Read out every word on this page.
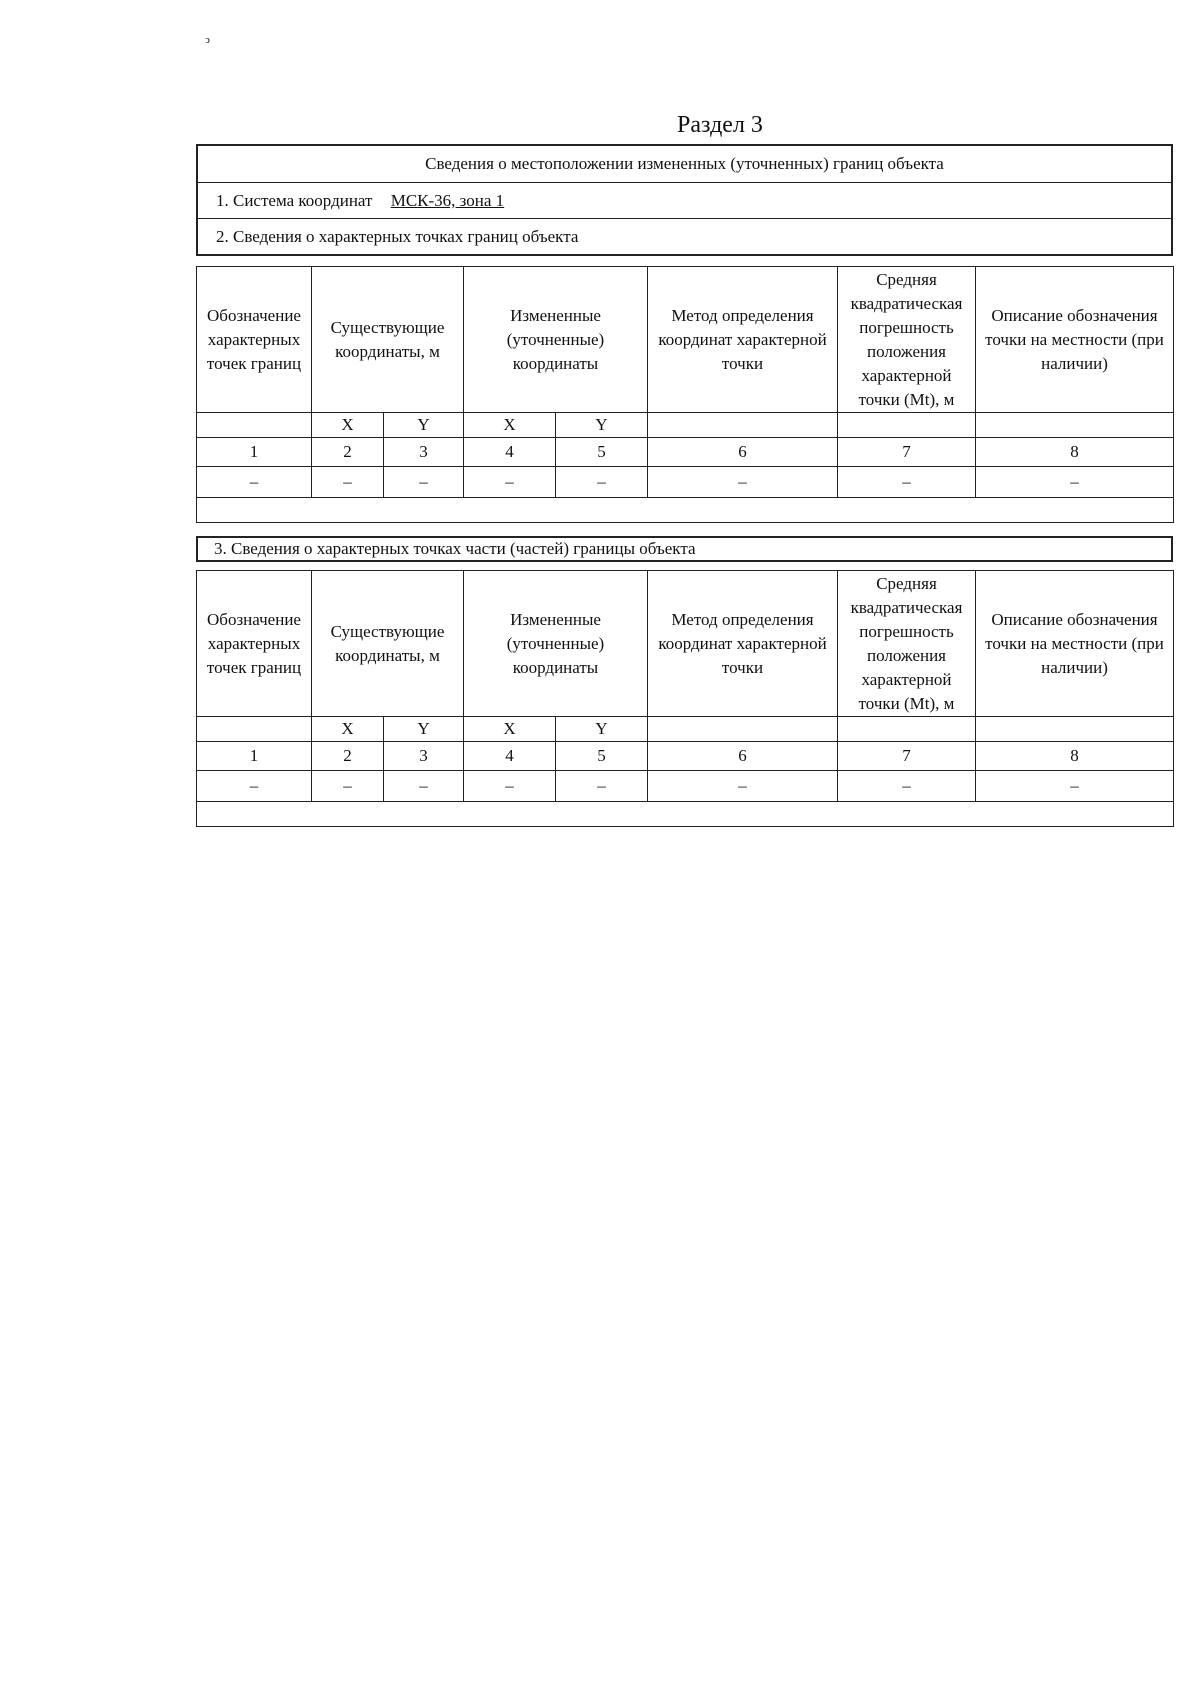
ↄ
Раздел 3
Сведения о местоположении измененных (уточненных) границ объекта
1. Система координат МСК-36, зона 1
2. Сведения о характерных точках границ объекта
Обозначение характерных точек границ	Существующие координаты, м		Измененные (уточненные) координаты		Метод определения координат характерной точки	Средняя квадратическая погрешность положения характерной точки (Mt), м	Описание обозначения точки на местности (при наличии)
	X	Y	X	Y			
1	2	3	4	5	6	7	8
–	–	–	–	–	–	–	–

3. Сведения о характерных точках части (частей) границы объекта
Обозначение характерных точек границ	Существующие координаты, м		Измененные (уточненные) координаты		Метод определения координат характерной точки	Средняя квадратическая погрешность положения характерной точки (Mt), м	Описание обозначения точки на местности (при наличии)
	X	Y	X	Y			
1	2	3	4	5	6	7	8
–	–	–	–	–	–	–	–
